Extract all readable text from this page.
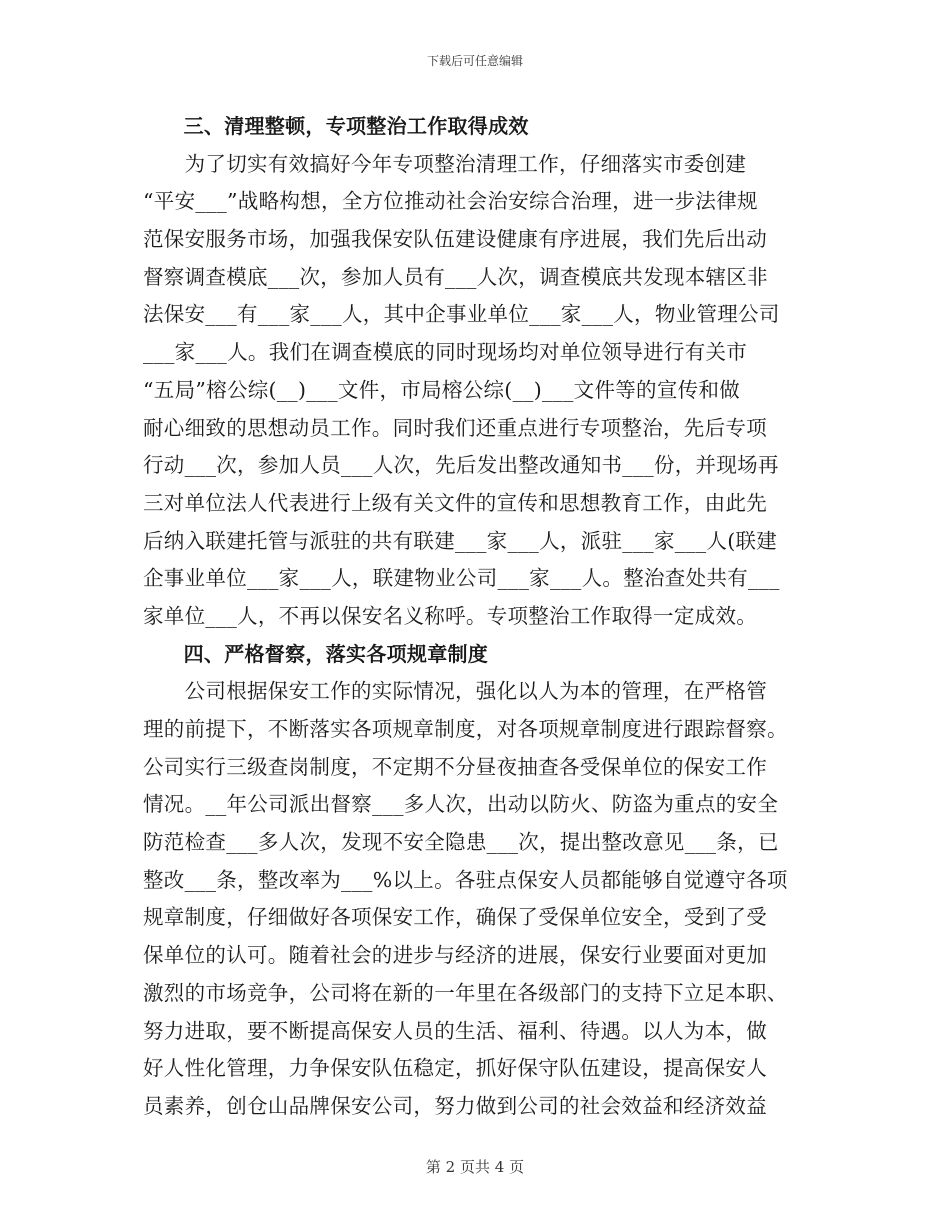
下载后可任意编辑
　　三、清理整顿，专项整治工作取得成效
　　为了切实有效搞好今年专项整治清理工作，仔细落实市委创建
“平安___”战略构想，全方位推动社会治安综合治理，进一步法律规
范保安服务市场，加强我保安队伍建设健康有序进展，我们先后出动
督察调查模底___次，参加人员有___人次，调查模底共发现本辖区非
法保安___有___家___人，其中企事业单位___家___人，物业管理公司
___家___人。我们在调查模底的同时现场均对单位领导进行有关市
“五局”榕公综(__)___文件，市局榕公综(__)___文件等的宣传和做
耐心细致的思想动员工作。同时我们还重点进行专项整治，先后专项
行动___次，参加人员___人次，先后发出整改通知书___份，并现场再
三对单位法人代表进行上级有关文件的宣传和思想教育工作，由此先
后纳入联建托管与派驻的共有联建___家___人，派驻___家___人(联建
企事业单位___家___人，联建物业公司___家___人。整治查处共有___
家单位___人，不再以保安名义称呼。专项整治工作取得一定成效。
　　四、严格督察，落实各项规章制度
　　公司根据保安工作的实际情况，强化以人为本的管理，在严格管
理的前提下，不断落实各项规章制度，对各项规章制度进行跟踪督察。
公司实行三级查岗制度，不定期不分昼夜抽查各受保单位的保安工作
情况。__年公司派出督察___多人次，出动以防火、防盗为重点的安全
防范检查___多人次，发现不安全隐患___次，提出整改意见___条，已
整改___条，整改率为___%以上。各驻点保安人员都能够自觉遵守各项
规章制度，仔细做好各项保安工作，确保了受保单位安全，受到了受
保单位的认可。随着社会的进步与经济的进展，保安行业要面对更加
激烈的市场竞争，公司将在新的一年里在各级部门的支持下立足本职、
努力进取，要不断提高保安人员的生活、福利、待遇。以人为本，做
好人性化管理，力争保安队伍稳定，抓好保守队伍建设，提高保安人
员素养，创仓山品牌保安公司，努力做到公司的社会效益和经济效益
第 2 页共 4 页
